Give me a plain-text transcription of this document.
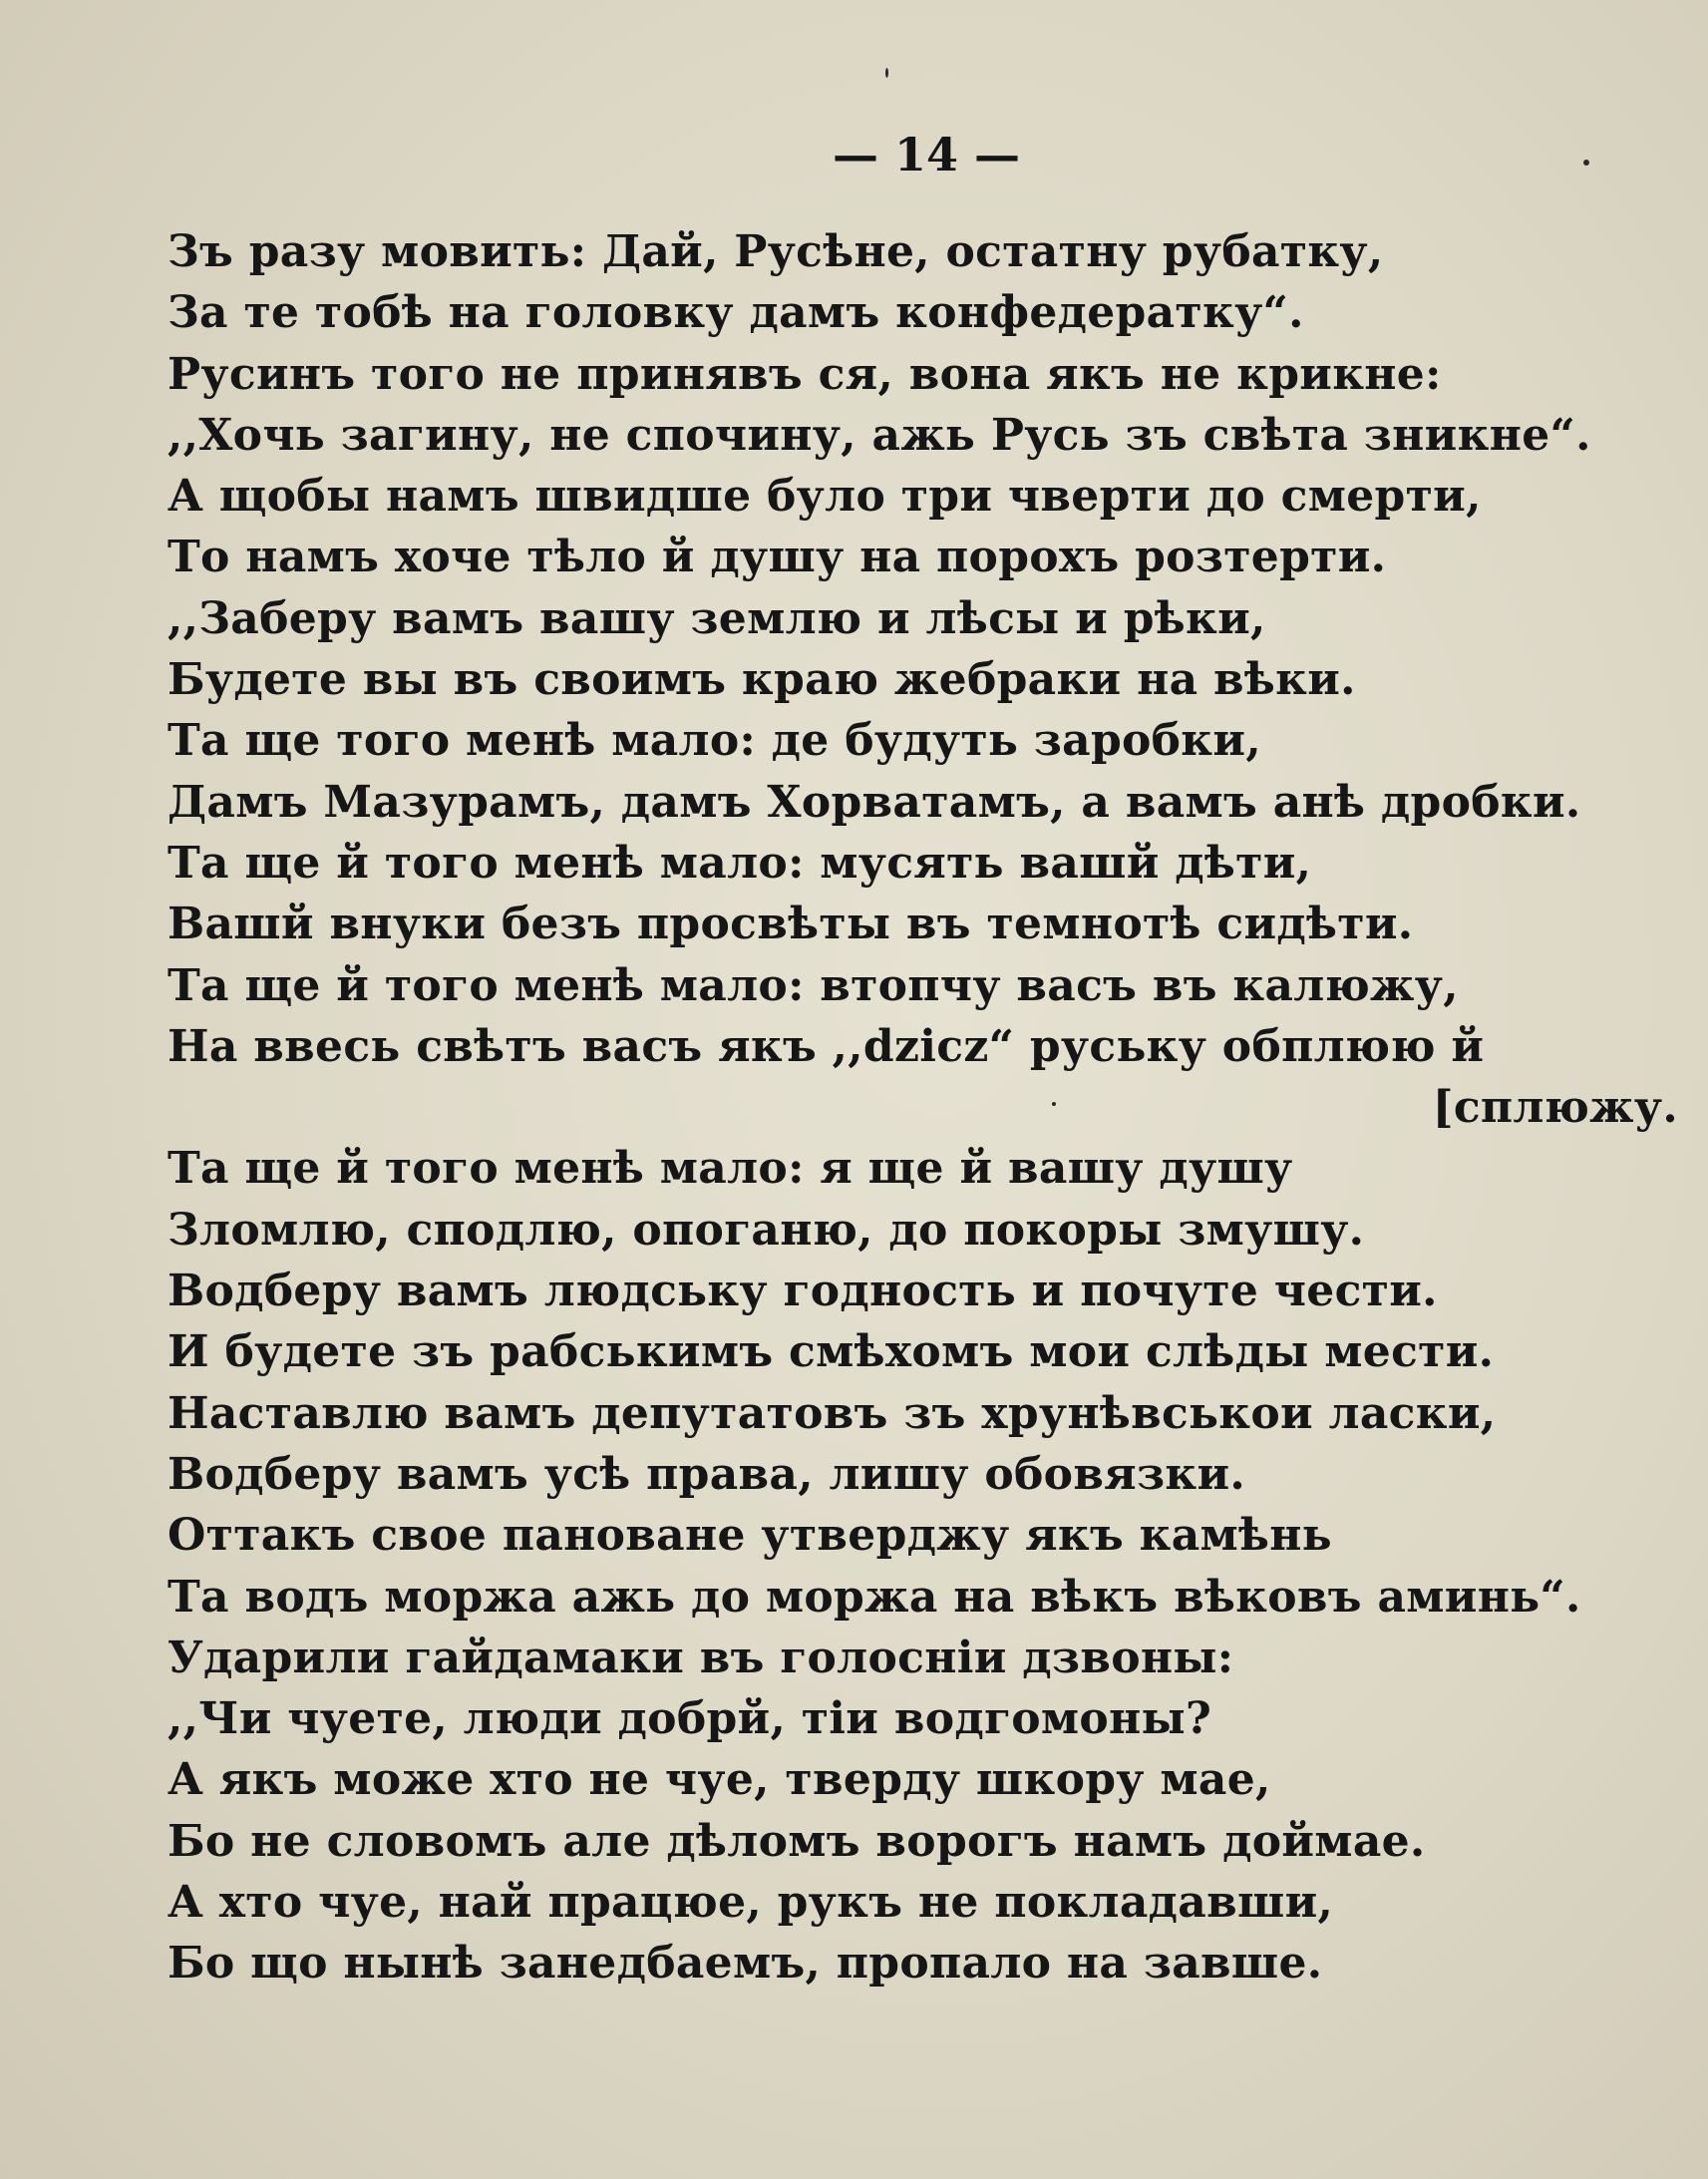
— 14 —
Зъ разу мовить: Дай, Русѣне, остатну рубатку,
За те тобѣ на головку дамъ конфедератку“.
Русинъ того не принявъ ся, вона якъ не крикне:
,,Хочь загину, не спочину, ажь Русь зъ свѣта зникне“.
А щобы намъ швидше було три чверти до смерти,
То намъ хоче тѣло й душу на порохъ розтерти.
,,Заберу вамъ вашу землю и лѣсы и рѣки,
Будете вы въ своимъ краю жебраки на вѣки.
Та ще того менѣ мало: де будуть заробки,
Дамъ Мазурамъ, дамъ Хорватамъ, а вамъ анѣ дробки.
Та ще й того менѣ мало: мусять вашй дѣти,
Вашй внуки безъ просвѣты въ темнотѣ сидѣти.
Та ще й того менѣ мало: втопчу васъ въ калюжу,
На ввесь свѣтъ васъ якъ ,,dzicz“ руську обплюю й
[сплюжу.
Та ще й того менѣ мало: я ще й вашу душу
Зломлю, сподлю, опоганю, до покоры змушу.
Водберу вамъ людську годность и почуте чести.
И будете зъ рабськимъ смѣхомъ мои слѣды мести.
Наставлю вамъ депутатовъ зъ хрунѣвськои ласки,
Водберу вамъ усѣ права, лишу обовязки.
Оттакъ свое пановане утверджу якъ камѣнь
Та водъ моржа ажь до моржа на вѣкъ вѣковъ аминь“.
Ударили гайдамаки въ голосніи дзвоны:
,,Чи чуете, люди добрй, тіи водгомоны?
А якъ може хто не чуе, тверду шкору мае,
Бо не словомъ але дѣломъ ворогъ намъ доймае.
А хто чуе, най працюе, рукъ не покладавши,
Бо що нынѣ занедбаемъ, пропало на завше.
